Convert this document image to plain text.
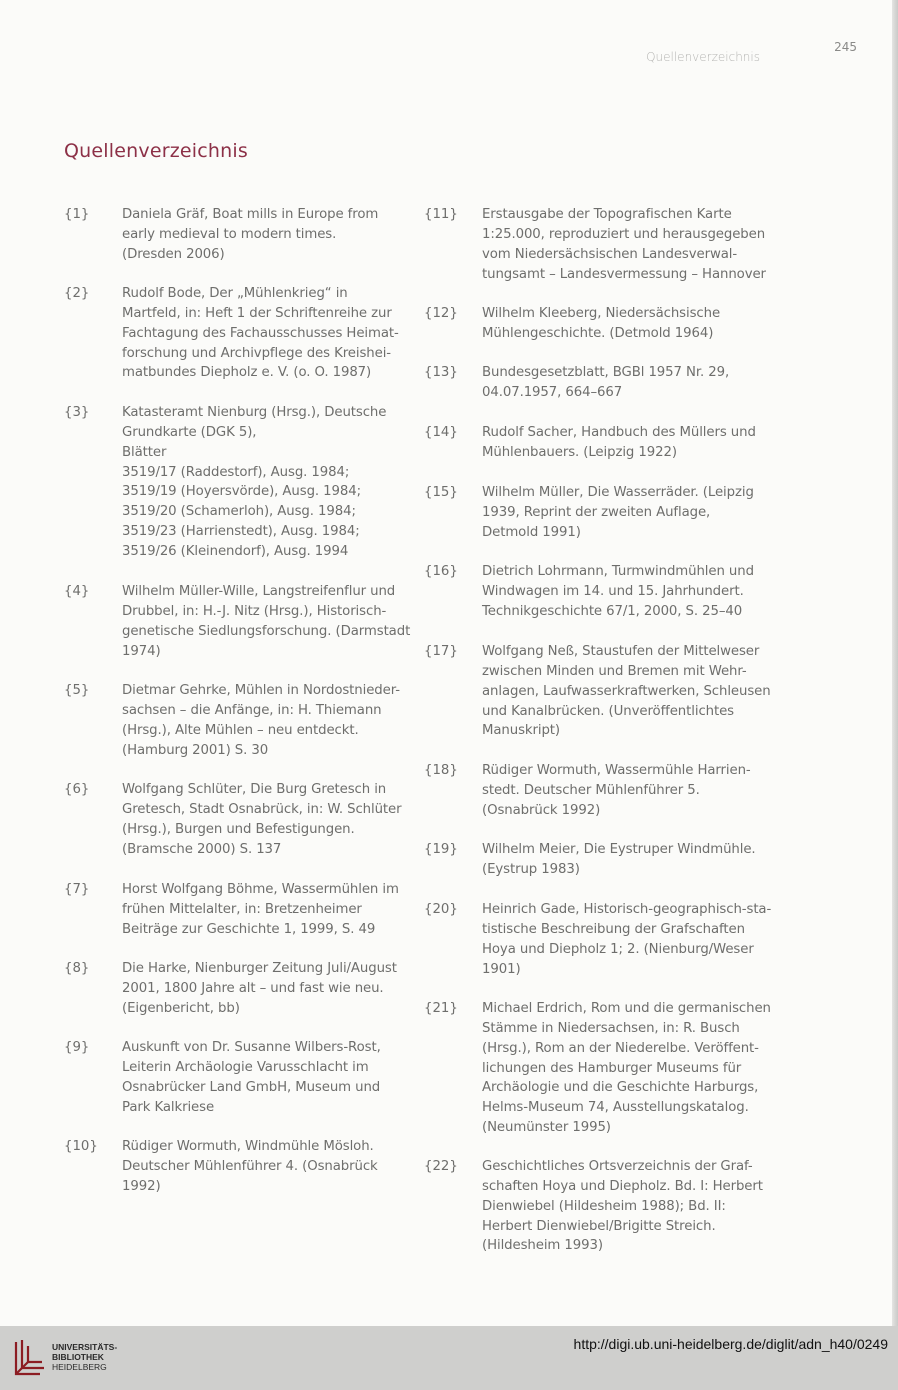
Quellenverzeichnis
245
Quellenverzeichnis
{1} Daniela Gräf, Boat mills in Europe from
early medieval to modern times.
(Dresden 2006)
{2} Rudolf Bode, Der „Mühlenkrieg“ in
Martfeld, in: Heft 1 der Schriftenreihe zur
Fachtagung des Fachausschusses Heimat-
forschung und Archivpflege des Kreishei-
matbundes Diepholz e. V. (o. O. 1987)
{3} Katasteramt Nienburg (Hrsg.), Deutsche
Grundkarte (DGK 5),
Blätter
3519/17 (Raddestorf), Ausg. 1984;
3519/19 (Hoyersvörde), Ausg. 1984;
3519/20 (Schamerloh), Ausg. 1984;
3519/23 (Harrienstedt), Ausg. 1984;
3519/26 (Kleinendorf), Ausg. 1994
{4} Wilhelm Müller-Wille, Langstreifenflur und
Drubbel, in: H.-J. Nitz (Hrsg.), Historisch-
genetische Siedlungsforschung. (Darmstadt
1974)
{5} Dietmar Gehrke, Mühlen in Nordostnieder-
sachsen – die Anfänge, in: H. Thiemann
(Hrsg.), Alte Mühlen – neu entdeckt.
(Hamburg 2001) S. 30
{6} Wolfgang Schlüter, Die Burg Gretesch in
Gretesch, Stadt Osnabrück, in: W. Schlüter
(Hrsg.), Burgen und Befestigungen.
(Bramsche 2000) S. 137
{7} Horst Wolfgang Böhme, Wassermühlen im
frühen Mittelalter, in: Bretzenheimer
Beiträge zur Geschichte 1, 1999, S. 49
{8} Die Harke, Nienburger Zeitung Juli/August
2001, 1800 Jahre alt – und fast wie neu.
(Eigenbericht, bb)
{9} Auskunft von Dr. Susanne Wilbers-Rost,
Leiterin Archäologie Varusschlacht im
Osnabrücker Land GmbH, Museum und
Park Kalkriese
{10} Rüdiger Wormuth, Windmühle Mösloh.
Deutscher Mühlenführer 4. (Osnabrück
1992)
{11} Erstausgabe der Topografischen Karte
1:25.000, reproduziert und herausgegeben
vom Niedersächsischen Landesverwal-
tungsamt – Landesvermessung – Hannover
{12} Wilhelm Kleeberg, Niedersächsische
Mühlengeschichte. (Detmold 1964)
{13} Bundesgesetzblatt, BGBl 1957 Nr. 29,
04.07.1957, 664–667
{14} Rudolf Sacher, Handbuch des Müllers und
Mühlenbauers. (Leipzig 1922)
{15} Wilhelm Müller, Die Wasserräder. (Leipzig
1939, Reprint der zweiten Auflage,
Detmold 1991)
{16} Dietrich Lohrmann, Turmwindmühlen und
Windwagen im 14. und 15. Jahrhundert.
Technikgeschichte 67/1, 2000, S. 25–40
{17} Wolfgang Neß, Staustufen der Mittelweser
zwischen Minden und Bremen mit Wehr-
anlagen, Laufwasserkraftwerken, Schleusen
und Kanalbrücken. (Unveröffentlichtes
Manuskript)
{18} Rüdiger Wormuth, Wassermühle Harrien-
stedt. Deutscher Mühlenführer 5.
(Osnabrück 1992)
{19} Wilhelm Meier, Die Eystruper Windmühle.
(Eystrup 1983)
{20} Heinrich Gade, Historisch-geographisch-sta-
tistische Beschreibung der Grafschaften
Hoya und Diepholz 1; 2. (Nienburg/Weser
1901)
{21} Michael Erdrich, Rom und die germanischen
Stämme in Niedersachsen, in: R. Busch
(Hrsg.), Rom an der Niederelbe. Veröffent-
lichungen des Hamburger Museums für
Archäologie und die Geschichte Harburgs,
Helms-Museum 74, Ausstellungskatalog.
(Neumünster 1995)
{22} Geschichtliches Ortsverzeichnis der Graf-
schaften Hoya und Diepholz. Bd. I: Herbert
Dienwiebel (Hildesheim 1988); Bd. II:
Herbert Dienwiebel/Brigitte Streich.
(Hildesheim 1993)
UNIVERSITÄTS-
BIBLIOTHEK
HEIDELBERG
http://digi.ub.uni-heidelberg.de/diglit/adn_h40/0249
